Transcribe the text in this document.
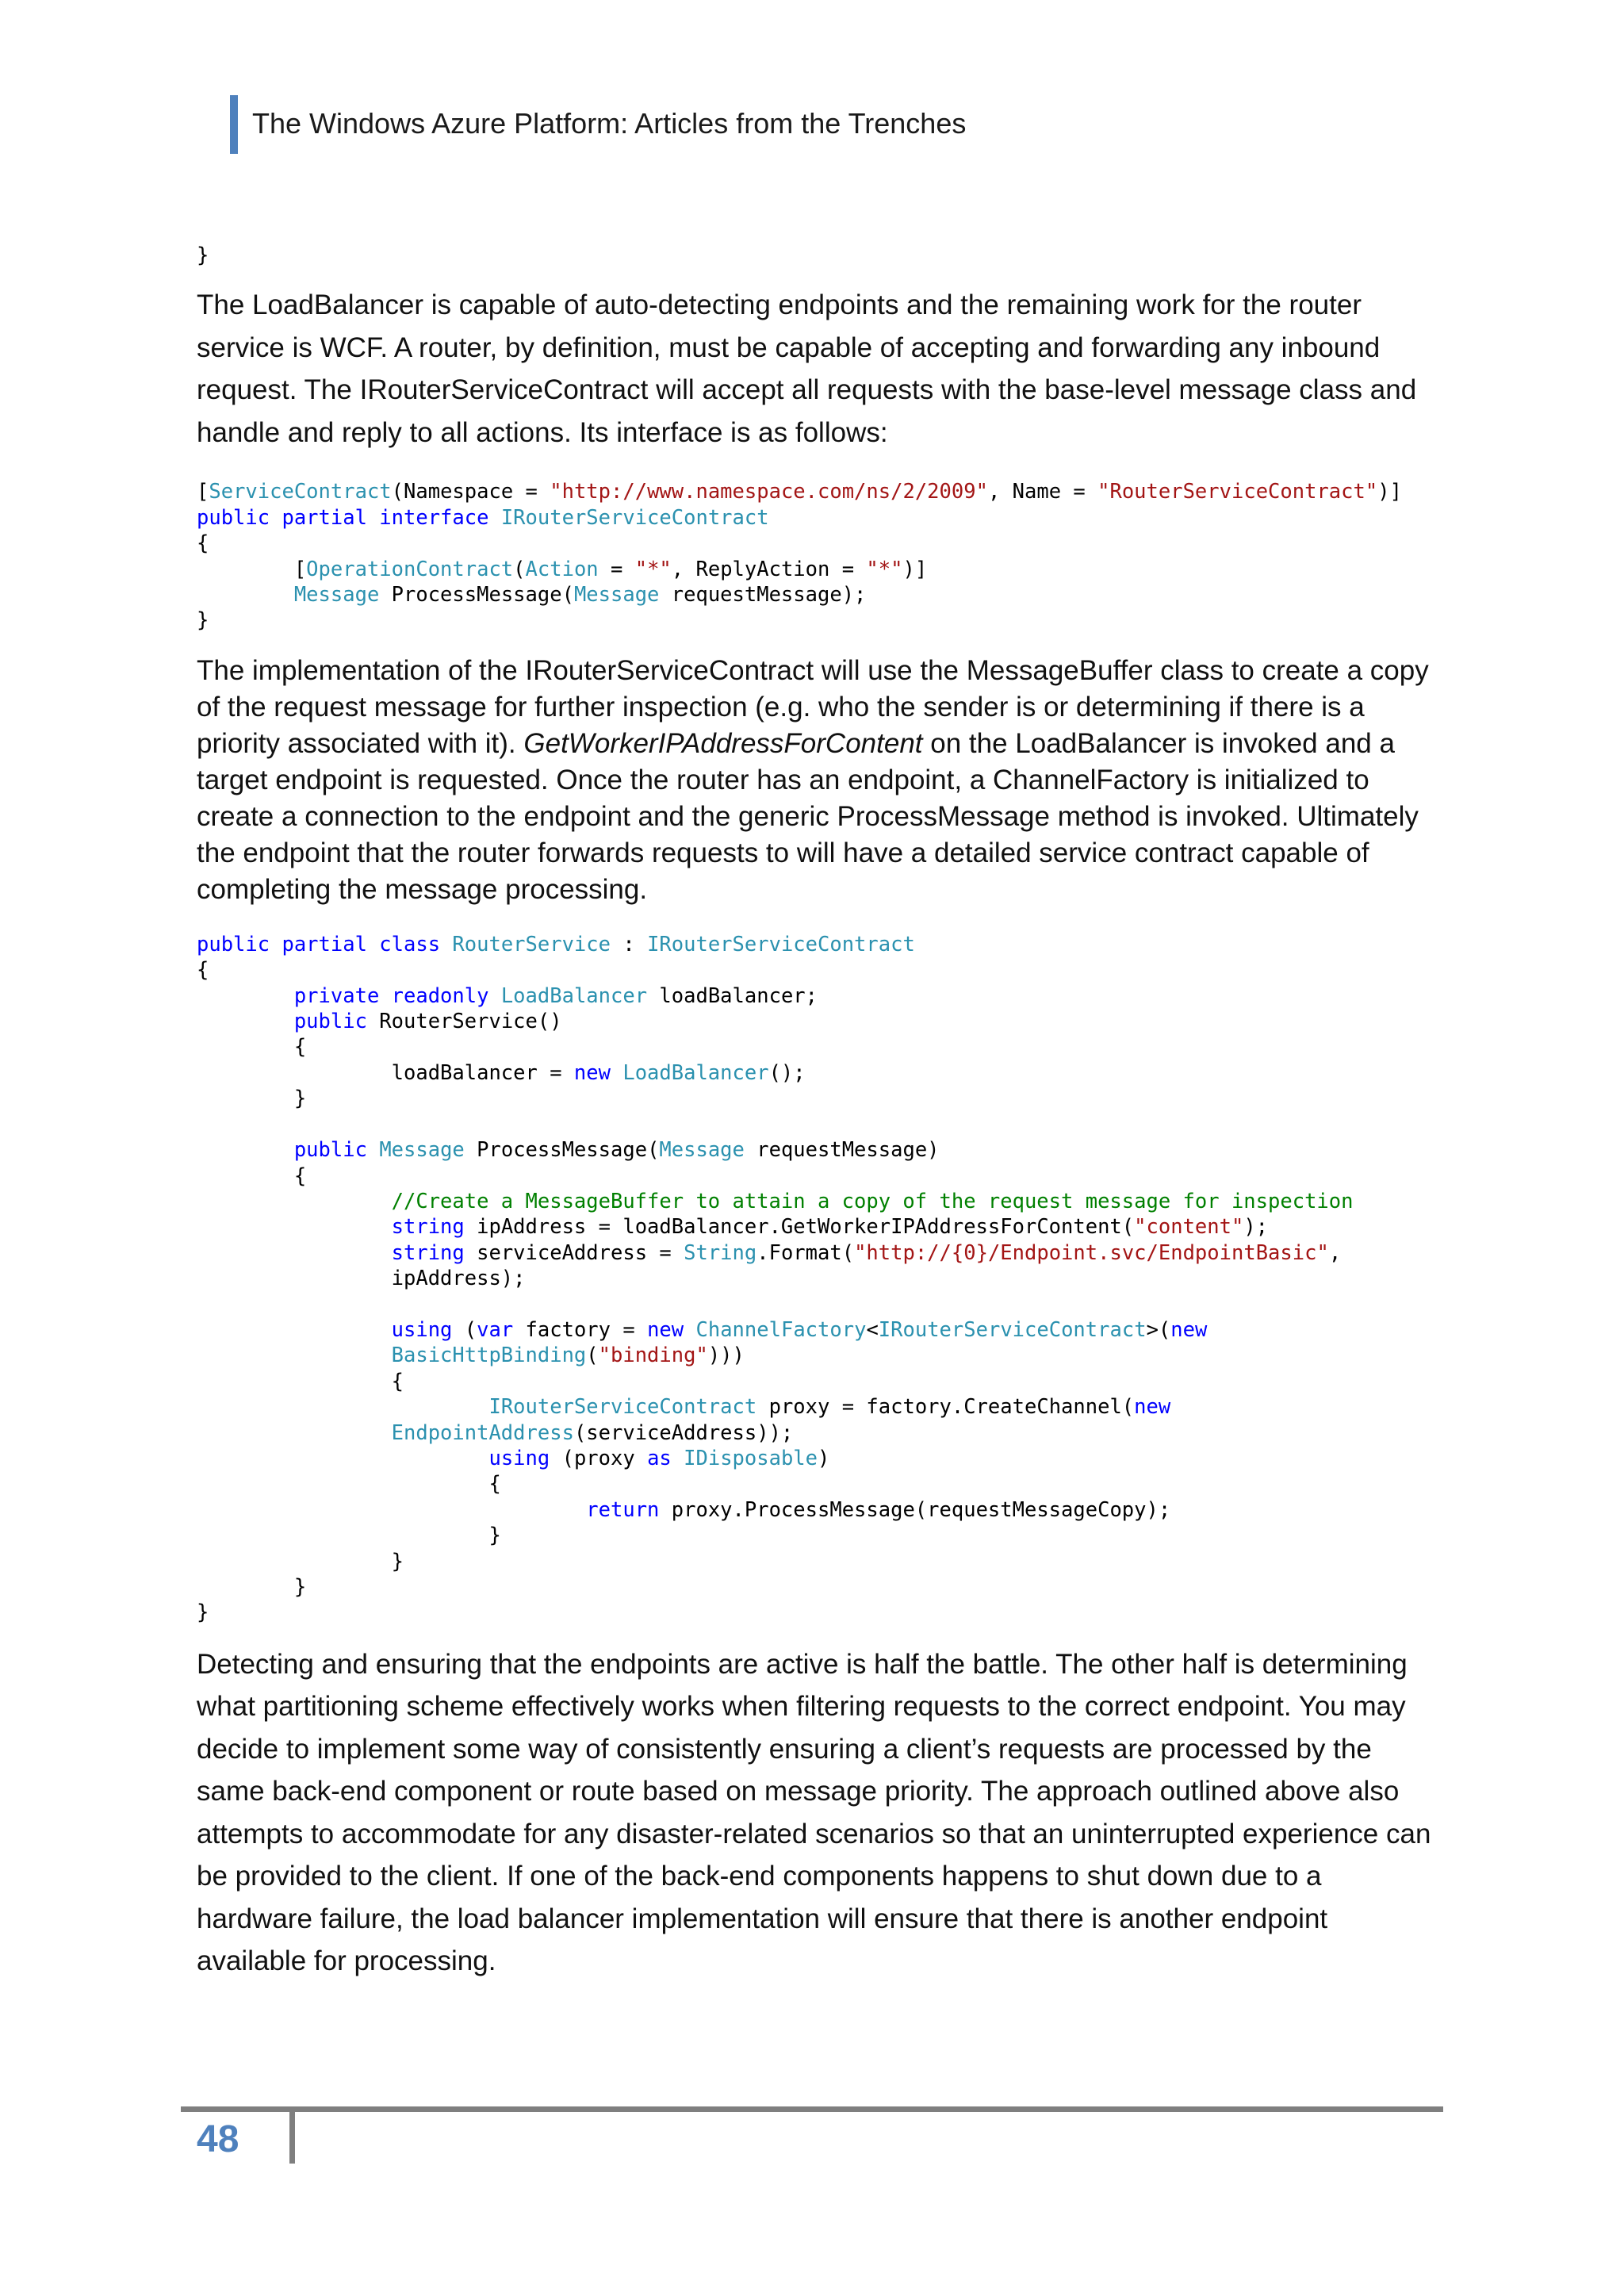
The Windows Azure Platform: Articles from the Trenches
}

The LoadBalancer is capable of auto-detecting endpoints and the remaining work for the router service is WCF. A router, by definition, must be capable of accepting and forwarding any inbound request. The IRouterServiceContract will accept all requests with the base-level message class and handle and reply to all actions. Its interface is as follows:

[ServiceContract(Namespace = "http://www.namespace.com/ns/2/2009", Name = "RouterServiceContract")]
public partial interface IRouterServiceContract
{
[OperationContract(Action = "*", ReplyAction = "*")]
Message ProcessMessage(Message requestMessage);
}

The implementation of the IRouterServiceContract will use the MessageBuffer class to create a copy of the request message for further inspection (e.g. who the sender is or determining if there is a priority associated with it). GetWorkerIPAddressForContent on the LoadBalancer is invoked and a target endpoint is requested. Once the router has an endpoint, a ChannelFactory is initialized to create a connection to the endpoint and the generic ProcessMessage method is invoked. Ultimately the endpoint that the router forwards requests to will have a detailed service contract capable of completing the message processing.

public partial class RouterService : IRouterServiceContract
{
private readonly LoadBalancer loadBalancer;
public RouterService()
{
loadBalancer = new LoadBalancer();
}

public Message ProcessMessage(Message requestMessage)
{
//Create a MessageBuffer to attain a copy of the request message for inspection
string ipAddress = loadBalancer.GetWorkerIPAddressForContent("content");
string serviceAddress = String.Format("http://{0}/Endpoint.svc/EndpointBasic",
ipAddress);

using (var factory = new ChannelFactory<IRouterServiceContract>(new
BasicHttpBinding("binding")))
{
IRouterServiceContract proxy = factory.CreateChannel(new
EndpointAddress(serviceAddress));
using (proxy as IDisposable)
{
return proxy.ProcessMessage(requestMessageCopy);
}
}
}
}

Detecting and ensuring that the endpoints are active is half the battle. The other half is determining what partitioning scheme effectively works when filtering requests to the correct endpoint. You may decide to implement some way of consistently ensuring a client’s requests are processed by the same back-end component or route based on message priority. The approach outlined above also attempts to accommodate for any disaster-related scenarios so that an uninterrupted experience can be provided to the client. If one of the back-end components happens to shut down due to a hardware failure, the load balancer implementation will ensure that there is another endpoint available for processing.

48
